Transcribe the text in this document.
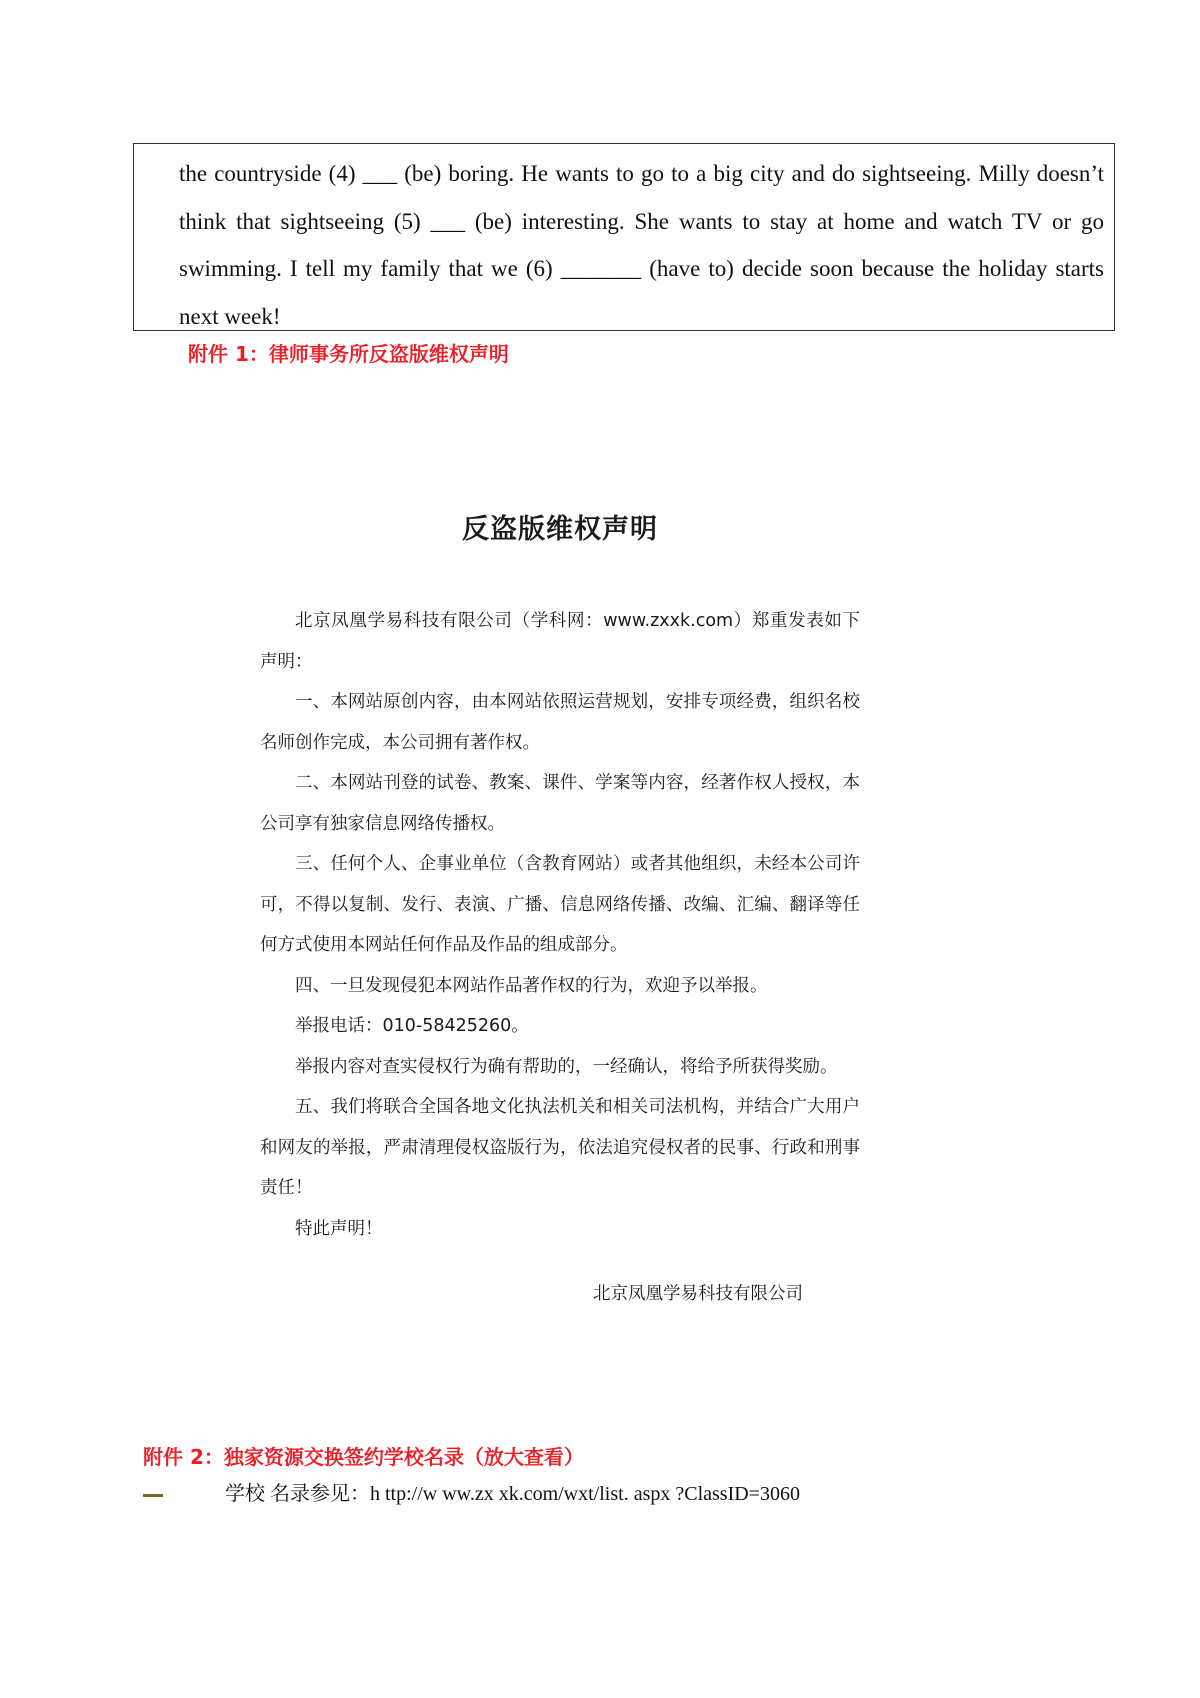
the countryside (4) ___ (be) boring. He wants to go to a big city and do sightseeing. Milly doesn’t think that sightseeing (5) ___ (be) interesting. She wants to stay at home and watch TV or go swimming. I tell my family that we (6) _______ (have to) decide soon because the holiday starts next week!

附件 1：律师事务所反盗版维权声明
反盗版维权声明

北京凤凰学易科技有限公司（学科网：www.zxxk.com）郑重发表如下声明：

一、本网站原创内容，由本网站依照运营规划，安排专项经费，组织名校名师创作完成，本公司拥有著作权。

二、本网站刊登的试卷、教案、课件、学案等内容，经著作权人授权，本公司享有独家信息网络传播权。

三、任何个人、企事业单位（含教育网站）或者其他组织，未经本公司许可，不得以复制、发行、表演、广播、信息网络传播、改编、汇编、翻译等任何方式使用本网站任何作品及作品的组成部分。

四、一旦发现侵犯本网站作品著作权的行为，欢迎予以举报。

举报电话：010-58425260。

举报内容对查实侵权行为确有帮助的，一经确认，将给予所获得奖励。

五、我们将联合全国各地文化执法机关和相关司法机构，并结合广大用户和网友的举报，严肃清理侵权盗版行为，依法追究侵权者的民事、行政和刑事责任！

特此声明！

北京凤凰学易科技有限公司
附件 2：独家资源交换签约学校名录（放大查看）
学校 名录参见：h ttp://w ww.zx xk.com/wxt/list. aspx ?ClassID=3060
